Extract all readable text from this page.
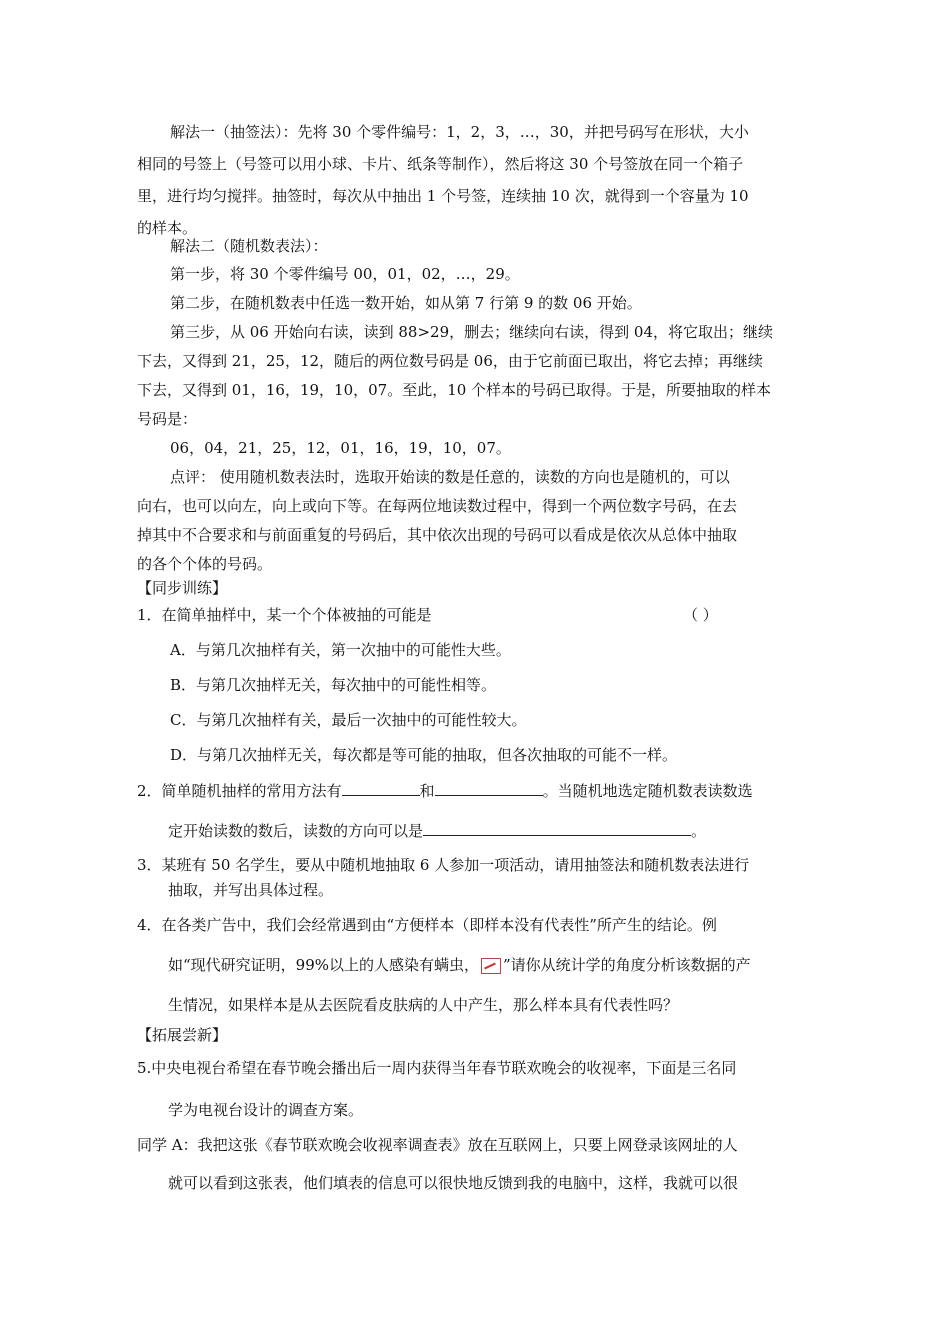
解法一（抽签法）：先将 30 个零件编号：1，2，3，…，30，并把号码写在形状，大小
相同的号签上（号签可以用小球、卡片、纸条等制作），然后将这 30 个号签放在同一个箱子
里，进行均匀搅拌。抽签时，每次从中抽出 1 个号签，连续抽 10 次，就得到一个容量为 10
的样本。
解法二（随机数表法）：
第一步，将 30 个零件编号 00，01，02，…，29。
第二步，在随机数表中任选一数开始，如从第 7 行第 9 的数 06 开始。
第三步，从 06 开始向右读，读到 88>29，删去；继续向右读，得到 04，将它取出；继续
下去，又得到 21，25，12，随后的两位数号码是 06，由于它前面已取出，将它去掉；再继续
下去，又得到 01，16，19，10，07。至此，10 个样本的号码已取得。于是，所要抽取的样本
号码是：
06，04，21，25，12，01，16，19，10，07。
点评： 使用随机数表法时，选取开始读的数是任意的，读数的方向也是随机的，可以
向右，也可以向左，向上或向下等。在每两位地读数过程中，得到一个两位数字号码，在去
掉其中不合要求和与前面重复的号码后，其中依次出现的号码可以看成是依次从总体中抽取
的各个个体的号码。
【同步训练】
1．在简单抽样中，某一个个体被抽的可能是	（ ）
A．与第几次抽样有关，第一次抽中的可能性大些。
B．与第几次抽样无关，每次抽中的可能性相等。
C．与第几次抽样有关，最后一次抽中的可能性较大。
D．与第几次抽样无关，每次都是等可能的抽取，但各次抽取的可能不一样。
2．简单随机抽样的常用方法有	和	。当随机地选定随机数表读数选
定开始读数的数后，读数的方向可以是	。
3．某班有 50 名学生，要从中随机地抽取 6 人参加一项活动，请用抽签法和随机数表法进行
抽取，并写出具体过程。
4．在各类广告中，我们会经常遇到由“方便样本（即样本没有代表性”所产生的结论。例
如“现代研究证明，99%以上的人感染有螨虫， ”请你从统计学的角度分析该数据的产
生情况，如果样本是从去医院看皮肤病的人中产生，那么样本具有代表性吗？
【拓展尝新】
5.中央电视台希望在春节晚会播出后一周内获得当年春节联欢晚会的收视率，下面是三名同
学为电视台设计的调查方案。
同学 A：我把这张《春节联欢晚会收视率调查表》放在互联网上，只要上网登录该网址的人
就可以看到这张表，他们填表的信息可以很快地反馈到我的电脑中，这样，我就可以很
